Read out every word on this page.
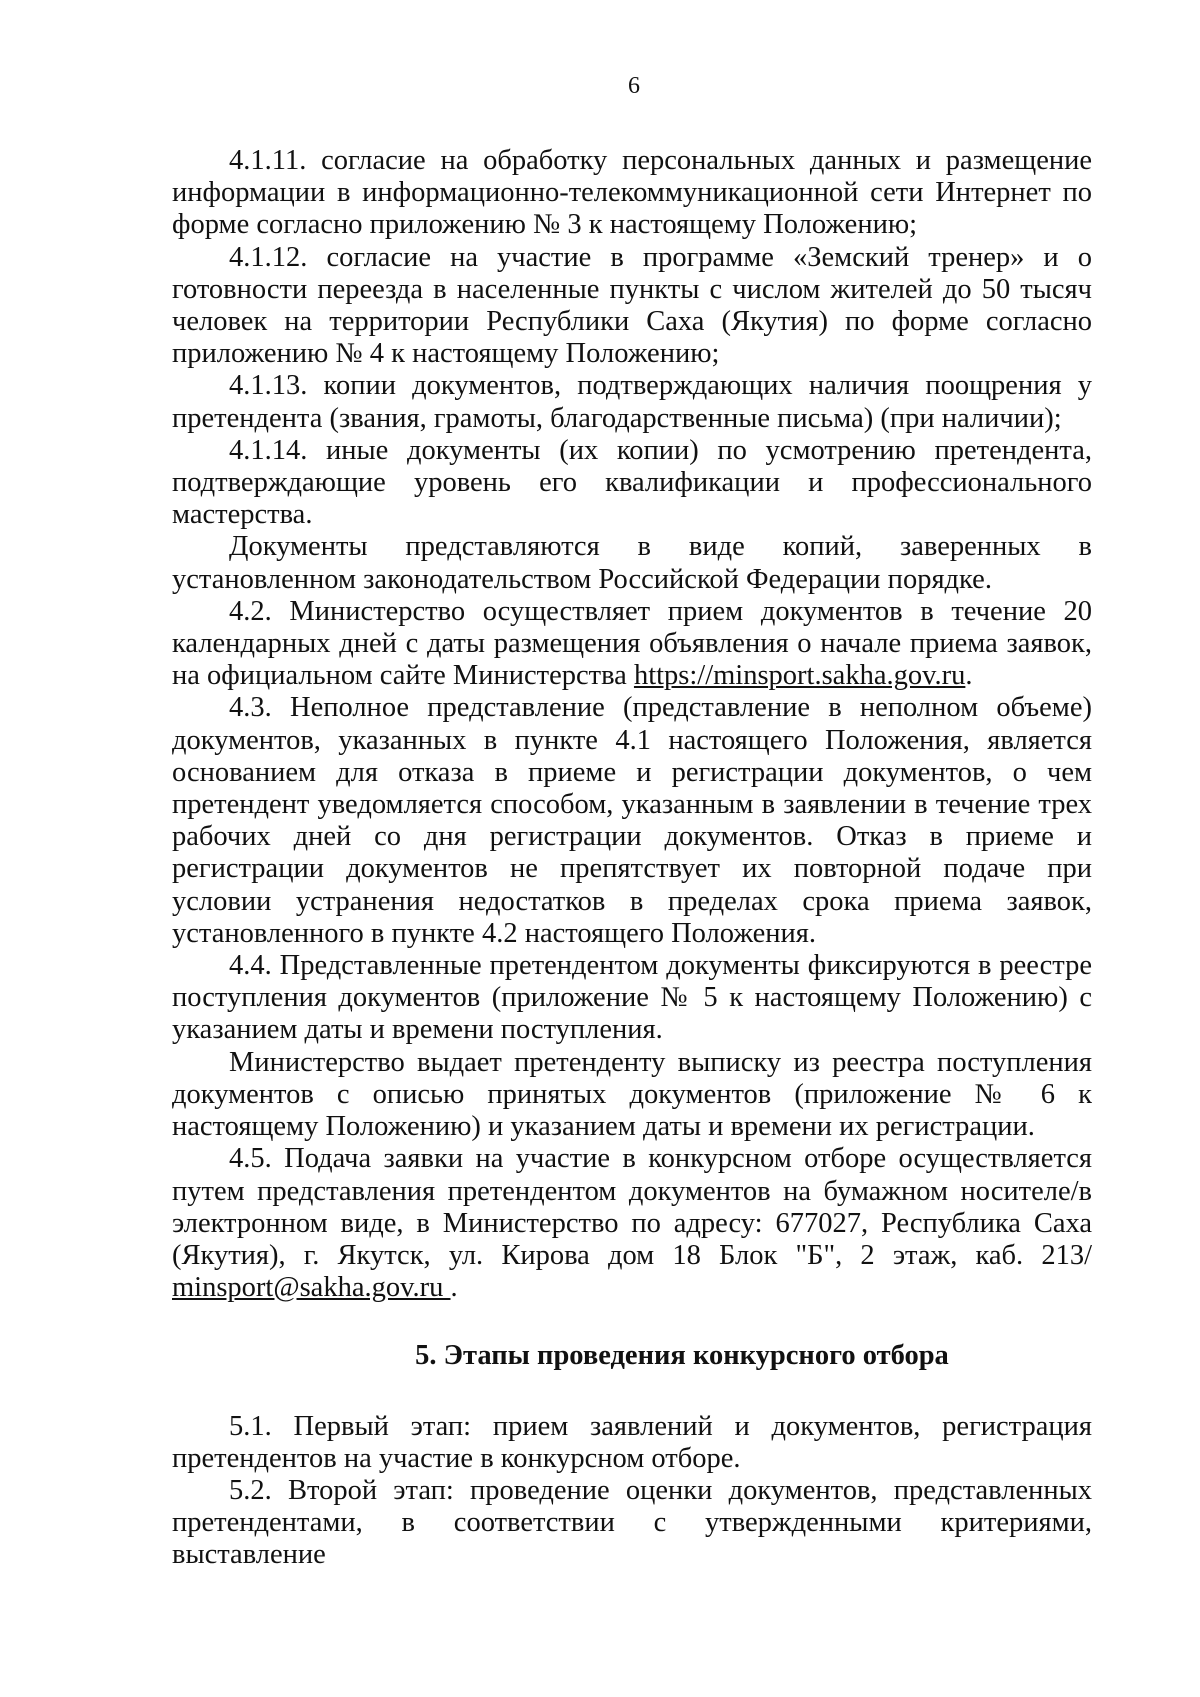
6

4.1.11. согласие на обработку персональных данных и размещение информации в информационно-телекоммуникационной сети Интернет по форме согласно приложению № 3 к настоящему Положению;

4.1.12. согласие на участие в программе «Земский тренер» и о готовности переезда в населенные пункты с числом жителей до 50 тысяч человек на территории Республики Саха (Якутия) по форме согласно приложению № 4 к настоящему Положению;

4.1.13. копии документов, подтверждающих наличия поощрения у претендента (звания, грамоты, благодарственные письма) (при наличии);

4.1.14. иные документы (их копии) по усмотрению претендента, подтверждающие уровень его квалификации и профессионального мастерства.

Документы представляются в виде копий, заверенных в установленном законодательством Российской Федерации порядке.

4.2. Министерство осуществляет прием документов в течение 20 календарных дней с даты размещения объявления о начале приема заявок, на официальном сайте Министерства https://minsport.sakha.gov.ru.

4.3. Неполное представление (представление в неполном объеме) документов, указанных в пункте 4.1 настоящего Положения, является основанием для отказа в приеме и регистрации документов, о чем претендент уведомляется способом, указанным в заявлении в течение трех рабочих дней со дня регистрации документов. Отказ в приеме и регистрации документов не препятствует их повторной подаче при условии устранения недостатков в пределах срока приема заявок, установленного в пункте 4.2 настоящего Положения.

4.4. Представленные претендентом документы фиксируются в реестре поступления документов (приложение № 5 к настоящему Положению) с указанием даты и времени поступления.

Министерство выдает претенденту выписку из реестра поступления документов с описью принятых документов (приложение № 6 к настоящему Положению) и указанием даты и времени их регистрации.

4.5. Подача заявки на участие в конкурсном отборе осуществляется путем представления претендентом документов на бумажном носителе/в электронном виде, в Министерство по адресу: 677027, Республика Саха (Якутия), г. Якутск, ул. Кирова дом 18 Блок "Б", 2 этаж, каб. 213/ minsport@sakha.gov.ru .

5. Этапы проведения конкурсного отбора

5.1. Первый этап: прием заявлений и документов, регистрация претендентов на участие в конкурсном отборе.

5.2. Второй этап: проведение оценки документов, представленных претендентами, в соответствии с утвержденными критериями, выставление
